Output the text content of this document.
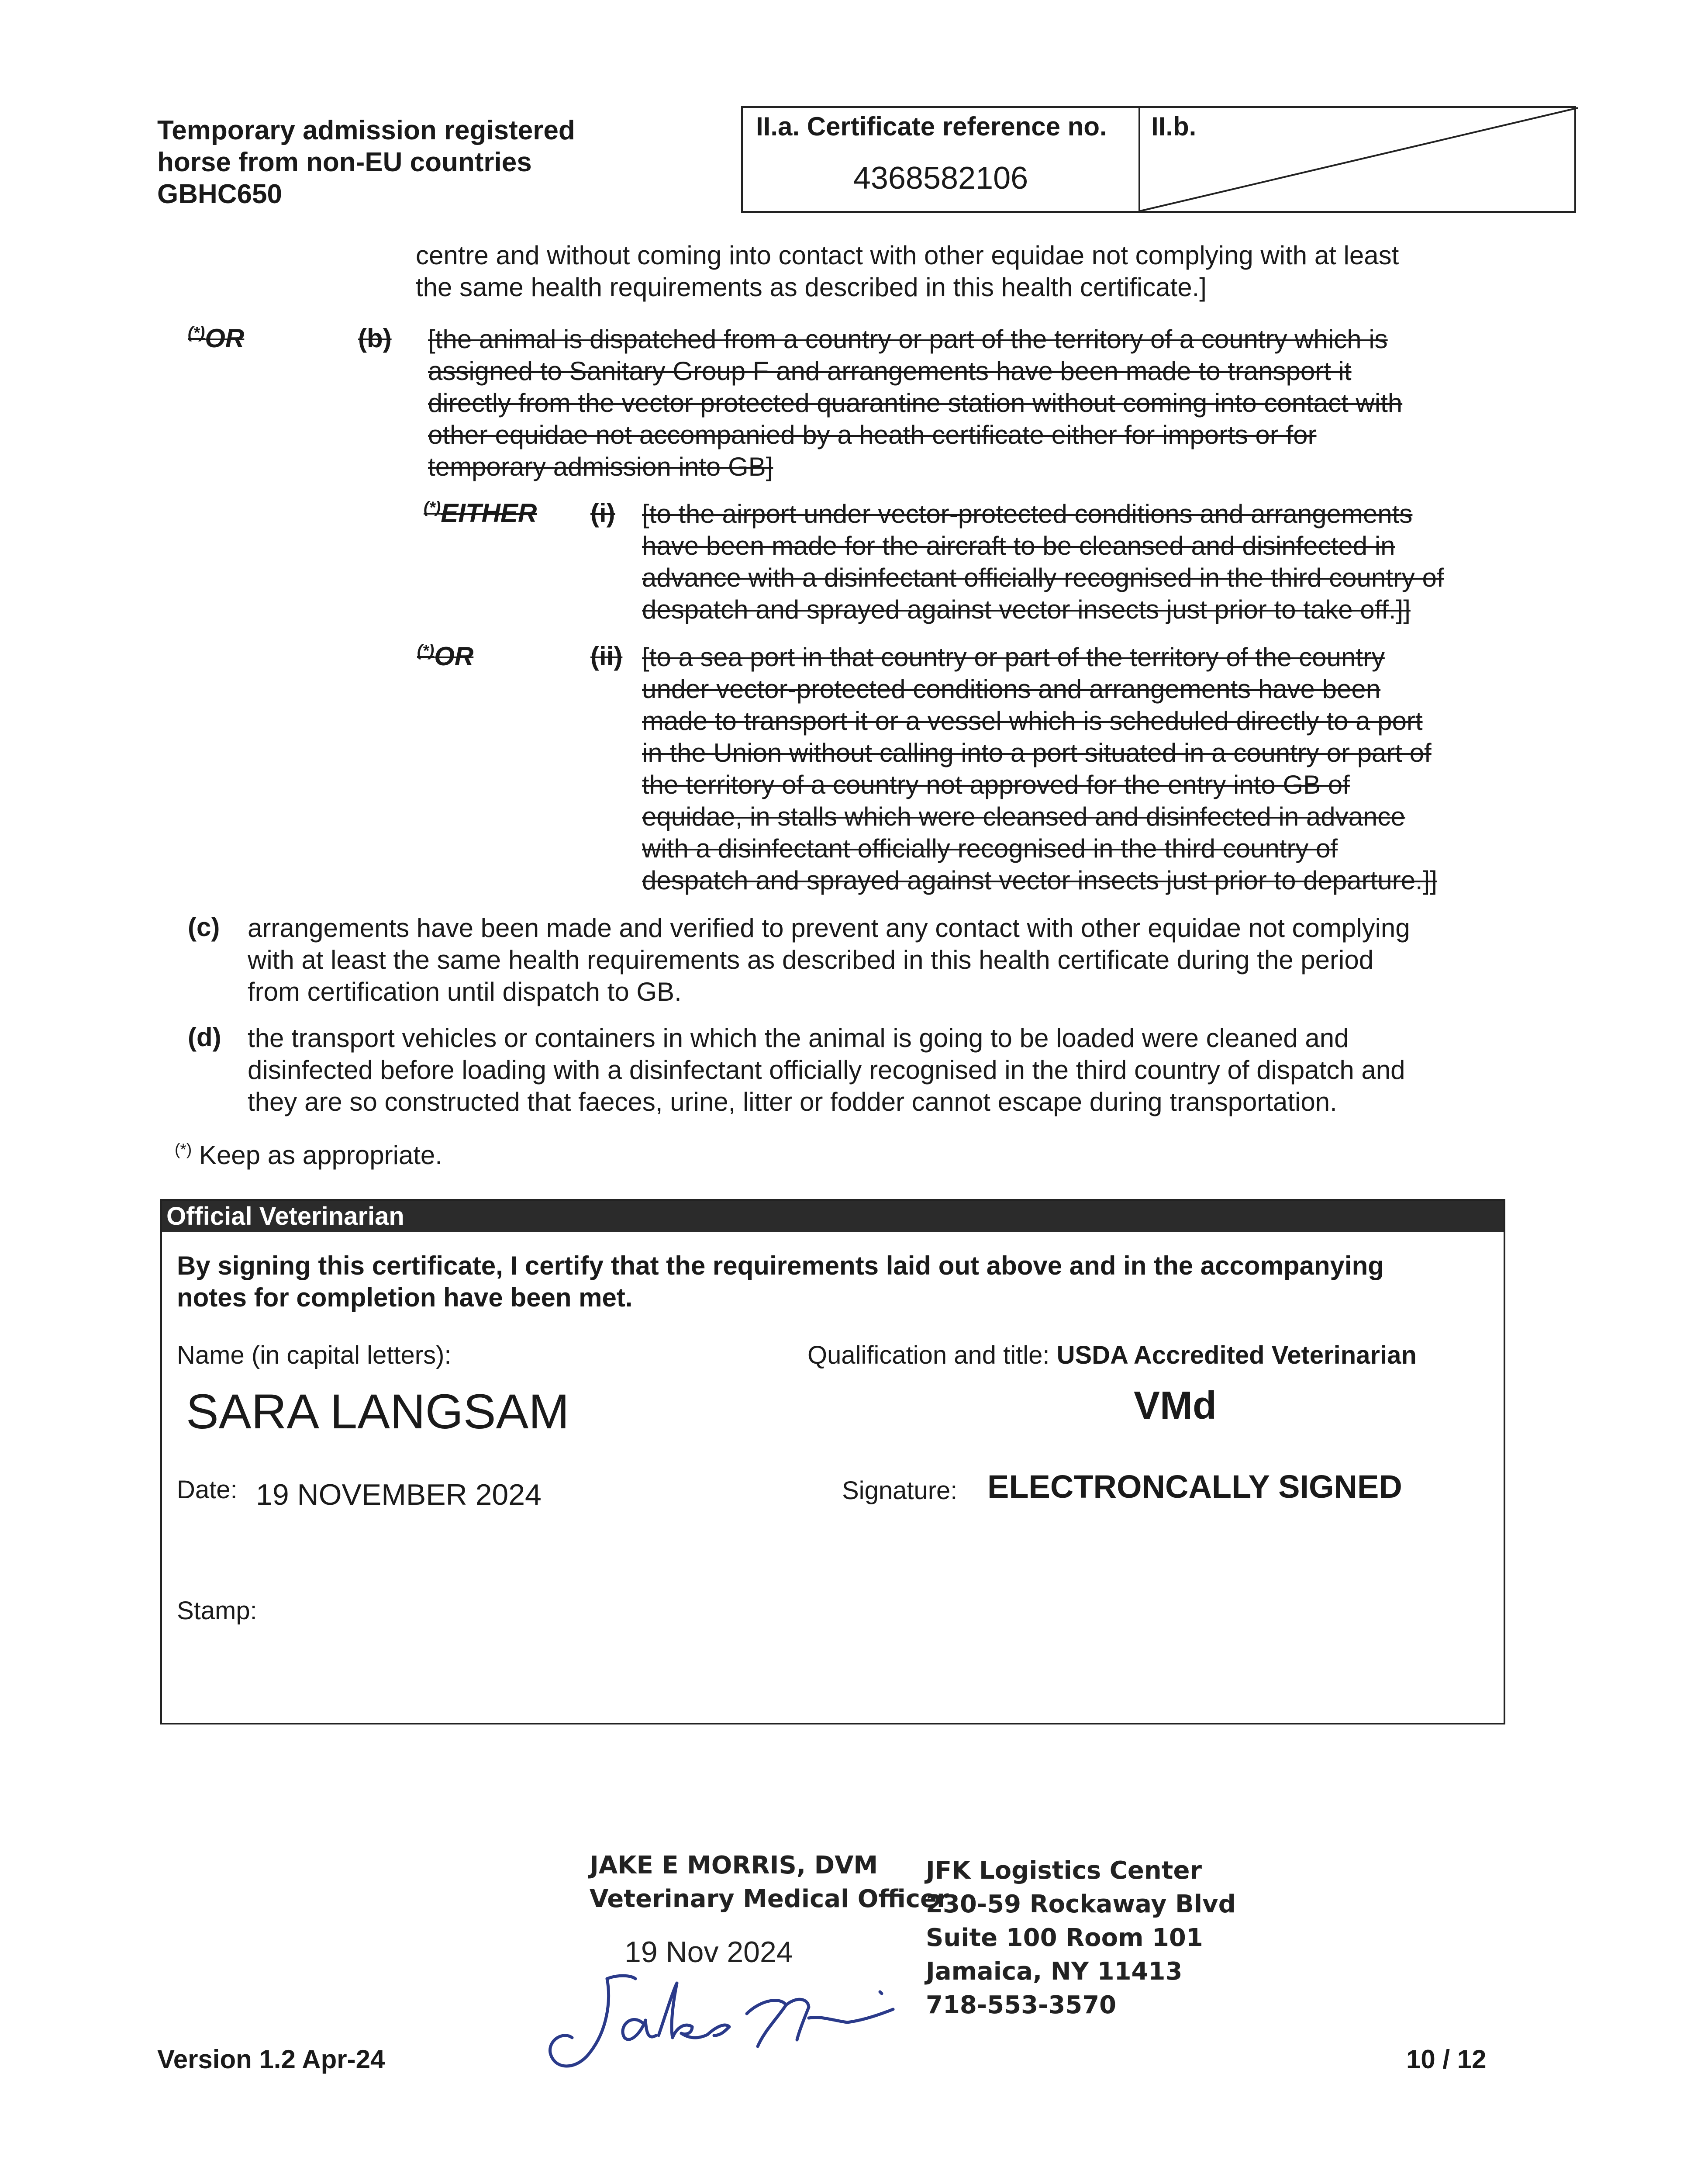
Temporary admission registered
horse from non-EU countries
GBHC650
II.a. Certificate reference no.
4368582106
II.b.
centre and without coming into contact with other equidae not complying with at least
the same health requirements as described in this health certificate.]
(*)OR	(b) [the animal is dispatched from a country or part of the territory of a country which is
assigned to Sanitary Group F and arrangements have been made to transport it
directly from the vector protected quarantine station without coming into contact with
other equidae not accompanied by a heath certificate either for imports or for
temporary admission into GB]
(*)EITHER (i) [to the airport under vector-protected conditions and arrangements
have been made for the aircraft to be cleansed and disinfected in
advance with a disinfectant officially recognised in the third country of
despatch and sprayed against vector insects just prior to take off.]]
(*)OR	(ii) [to a sea port in that country or part of the territory of the country
under vector-protected conditions and arrangements have been
made to transport it or a vessel which is scheduled directly to a port
in the Union without calling into a port situated in a country or part of
the territory of a country not approved for the entry into GB of
equidae, in stalls which were cleansed and disinfected in advance
with a disinfectant officially recognised in the third country of
despatch and sprayed against vector insects just prior to departure.]]
(c) arrangements have been made and verified to prevent any contact with other equidae not complying
with at least the same health requirements as described in this health certificate during the period
from certification until dispatch to GB.
(d) the transport vehicles or containers in which the animal is going to be loaded were cleaned and
disinfected before loading with a disinfectant officially recognised in the third country of dispatch and
they are so constructed that faeces, urine, litter or fodder cannot escape during transportation.
(*) Keep as appropriate.
Official Veterinarian
By signing this certificate, I certify that the requirements laid out above and in the accompanying
notes for completion have been met.
Name (in capital letters):
SARA LANGSAM
Qualification and title: USDA Accredited Veterinarian
VMd
Date: 19 NOVEMBER 2024	Signature: ELECTRONCALLY SIGNED
Stamp:
JAKE E MORRIS, DVM
Veterinary Medical Officer
19 Nov 2024
Jake Mi
JFK Logistics Center
230-59 Rockaway Blvd
Suite 100 Room 101
Jamaica, NY 11413
718-553-3570
Version 1.2 Apr-24	10 / 12
